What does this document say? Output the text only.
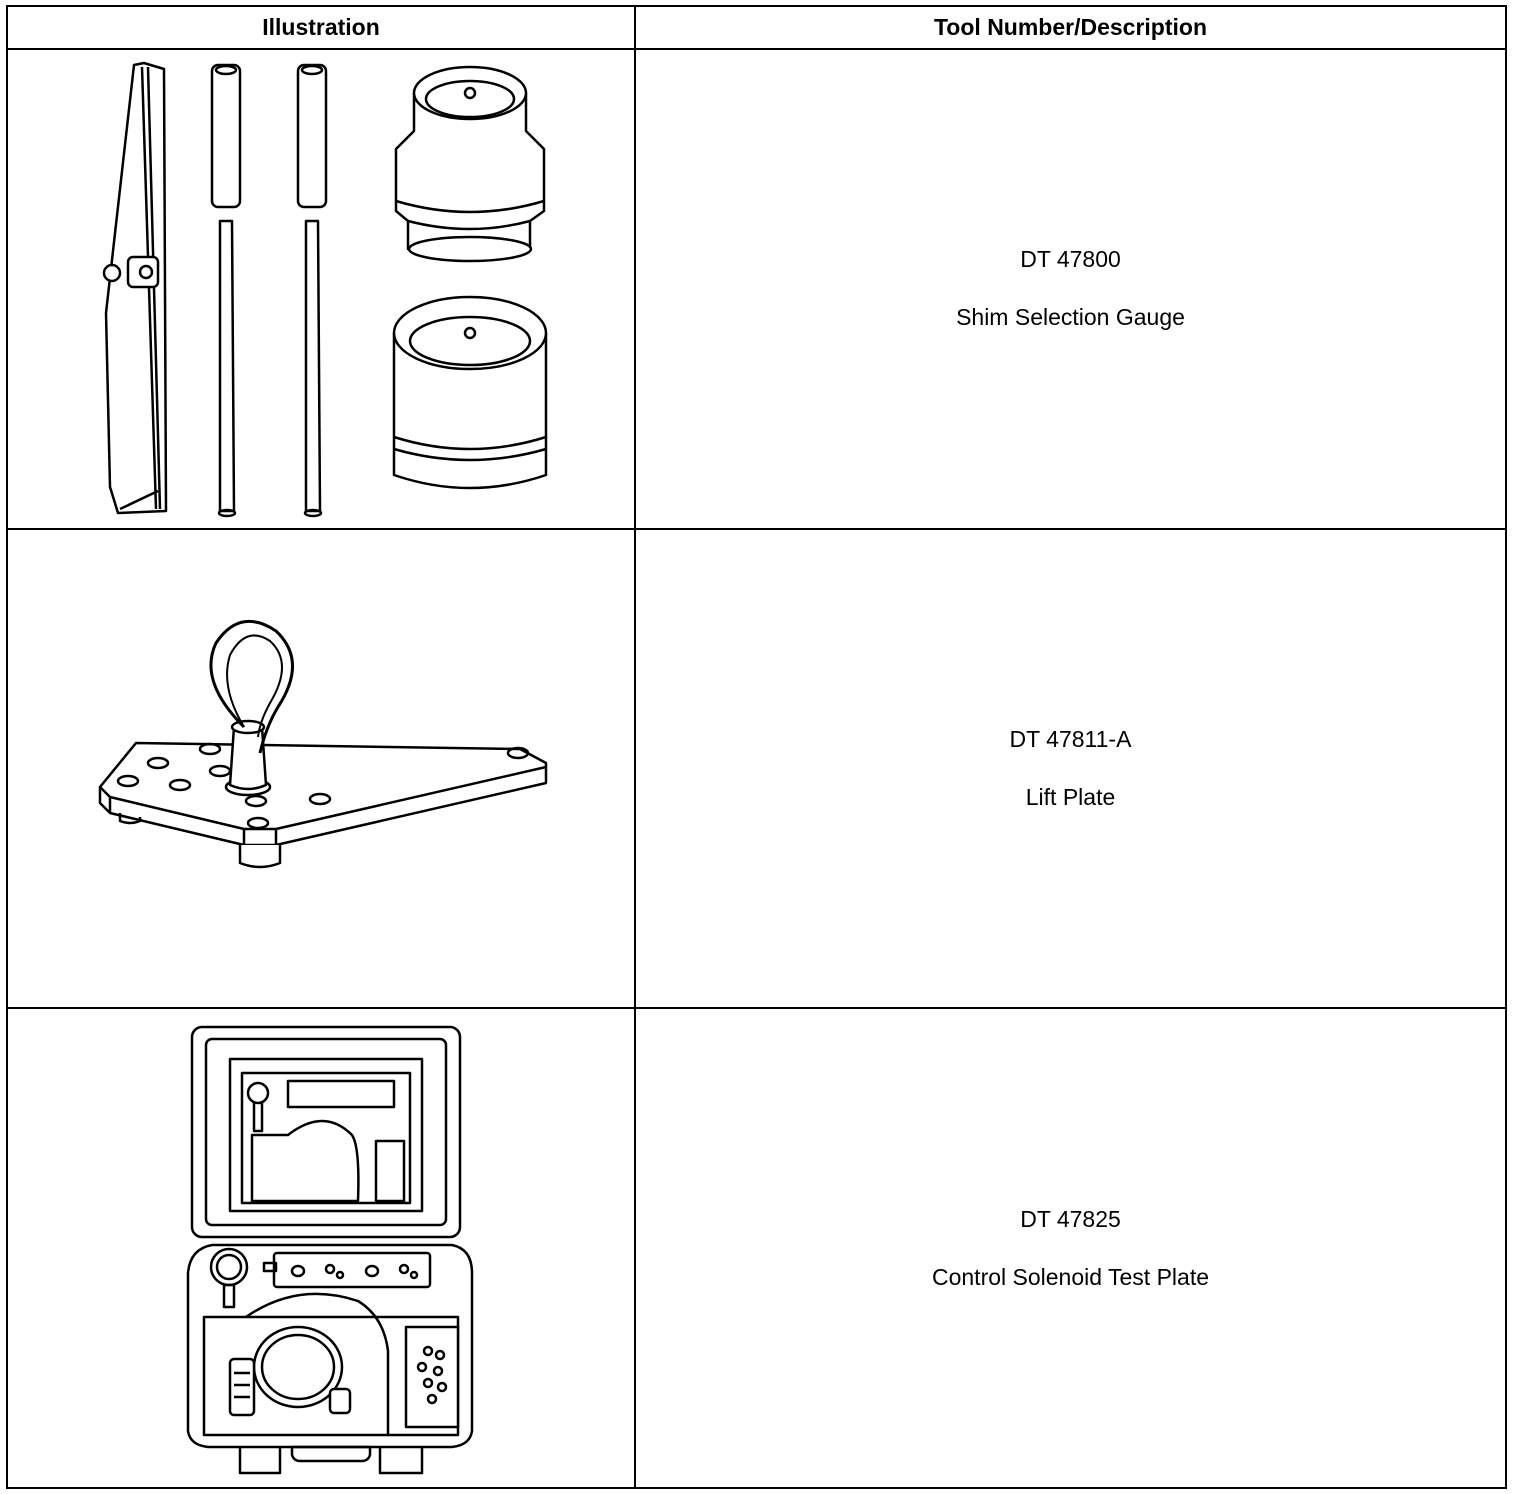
Illustration	Tool Number/Description

DT 47800
Shim Selection Gauge

DT 47811-A
Lift Plate

DT 47825
Control Solenoid Test Plate
